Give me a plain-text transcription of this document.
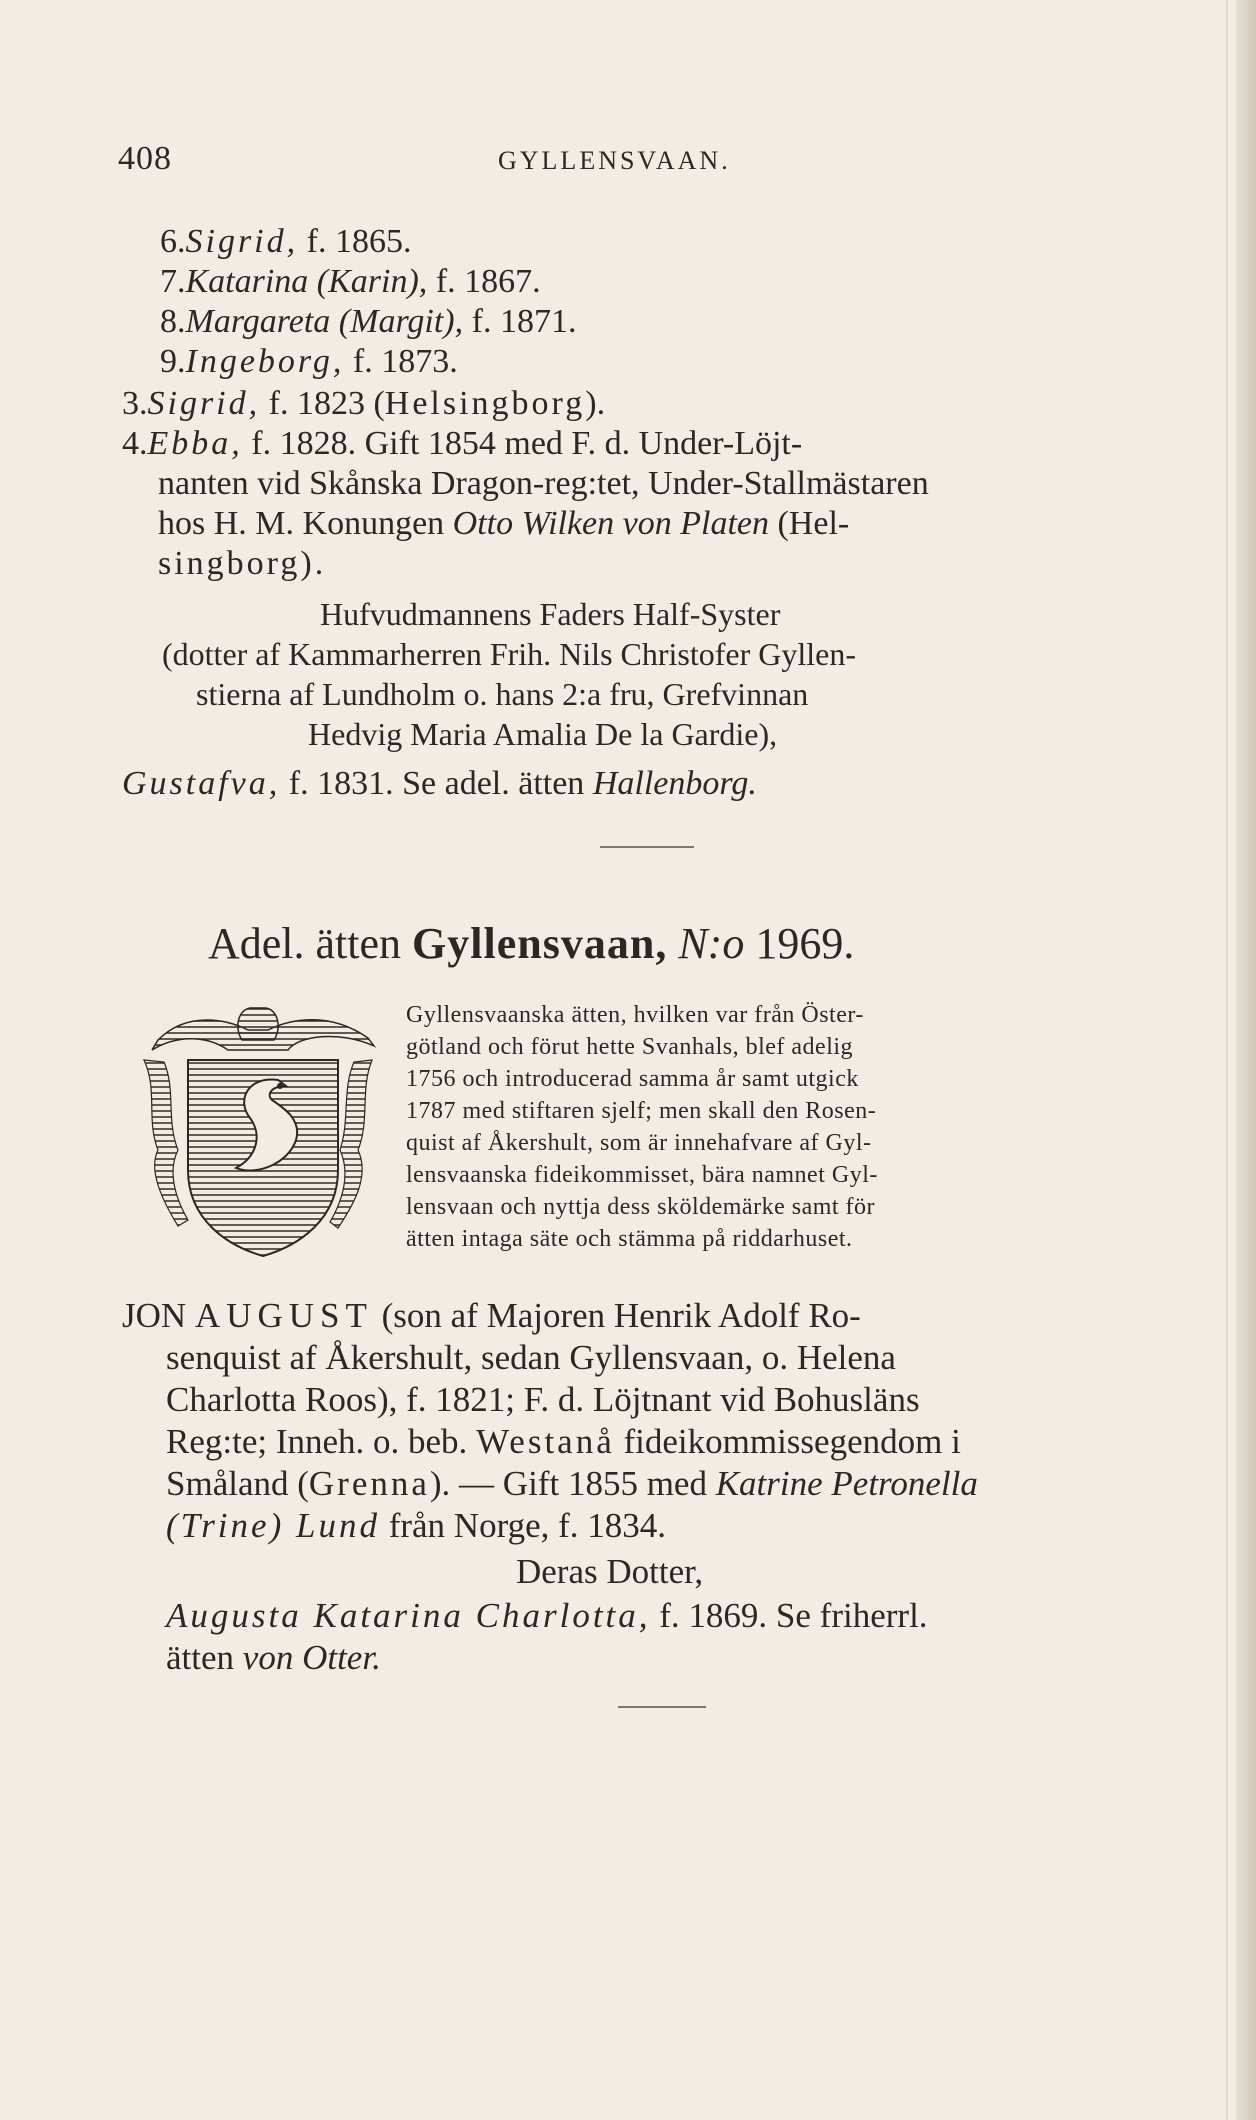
408	GYLLENSVAAN.
6.Sigrid, f. 1865.
7.Katarina (Karin), f. 1867.
8.Margareta (Margit), f. 1871.
9.Ingeborg, f. 1873.
3.Sigrid, f. 1823 (Helsingborg).
4.Ebba, f. 1828. Gift 1854 med F. d. Under-Löjt-
nanten vid Skånska Dragon-reg:tet, Under-Stallmästaren
hos H. M. Konungen Otto Wilken von Platen (Hel-
singborg).
Hufvudmannens Faders Half-Syster
(dotter af Kammarherren Frih. Nils Christofer Gyllen-
stierna af Lundholm o. hans 2:a fru, Grefvinnan
Hedvig Maria Amalia De la Gardie),
Gustafva, f. 1831. Se adel. ätten Hallenborg.
Adel. ätten Gyllensvaan, N:o 1969.
Gyllensvaanska ätten, hvilken var från Öster-
götland och förut hette Svanhals, blef adelig
1756 och introducerad samma år samt utgick
1787 med stiftaren sjelf; men skall den Rosen-
quist af Åkershult, som är innehafvare af Gyl-
lensvaanska fideikommisset, bära namnet Gyl-
lensvaan och nyttja dess sköldemärke samt för
ätten intaga säte och stämma på riddarhuset.
JON AUGUST (son af Majoren Henrik Adolf Ro-
senquist af Åkershult, sedan Gyllensvaan, o. Helena
Charlotta Roos), f. 1821; F. d. Löjtnant vid Bohusläns
Reg:te; Inneh. o. beb. Westanå fideikommissegendom i
Småland (Grenna). — Gift 1855 med Katrine Petronella
(Trine) Lund från Norge, f. 1834.
Deras Dotter,
Augusta Katarina Charlotta, f. 1869. Se friherrl.
ätten von Otter.
